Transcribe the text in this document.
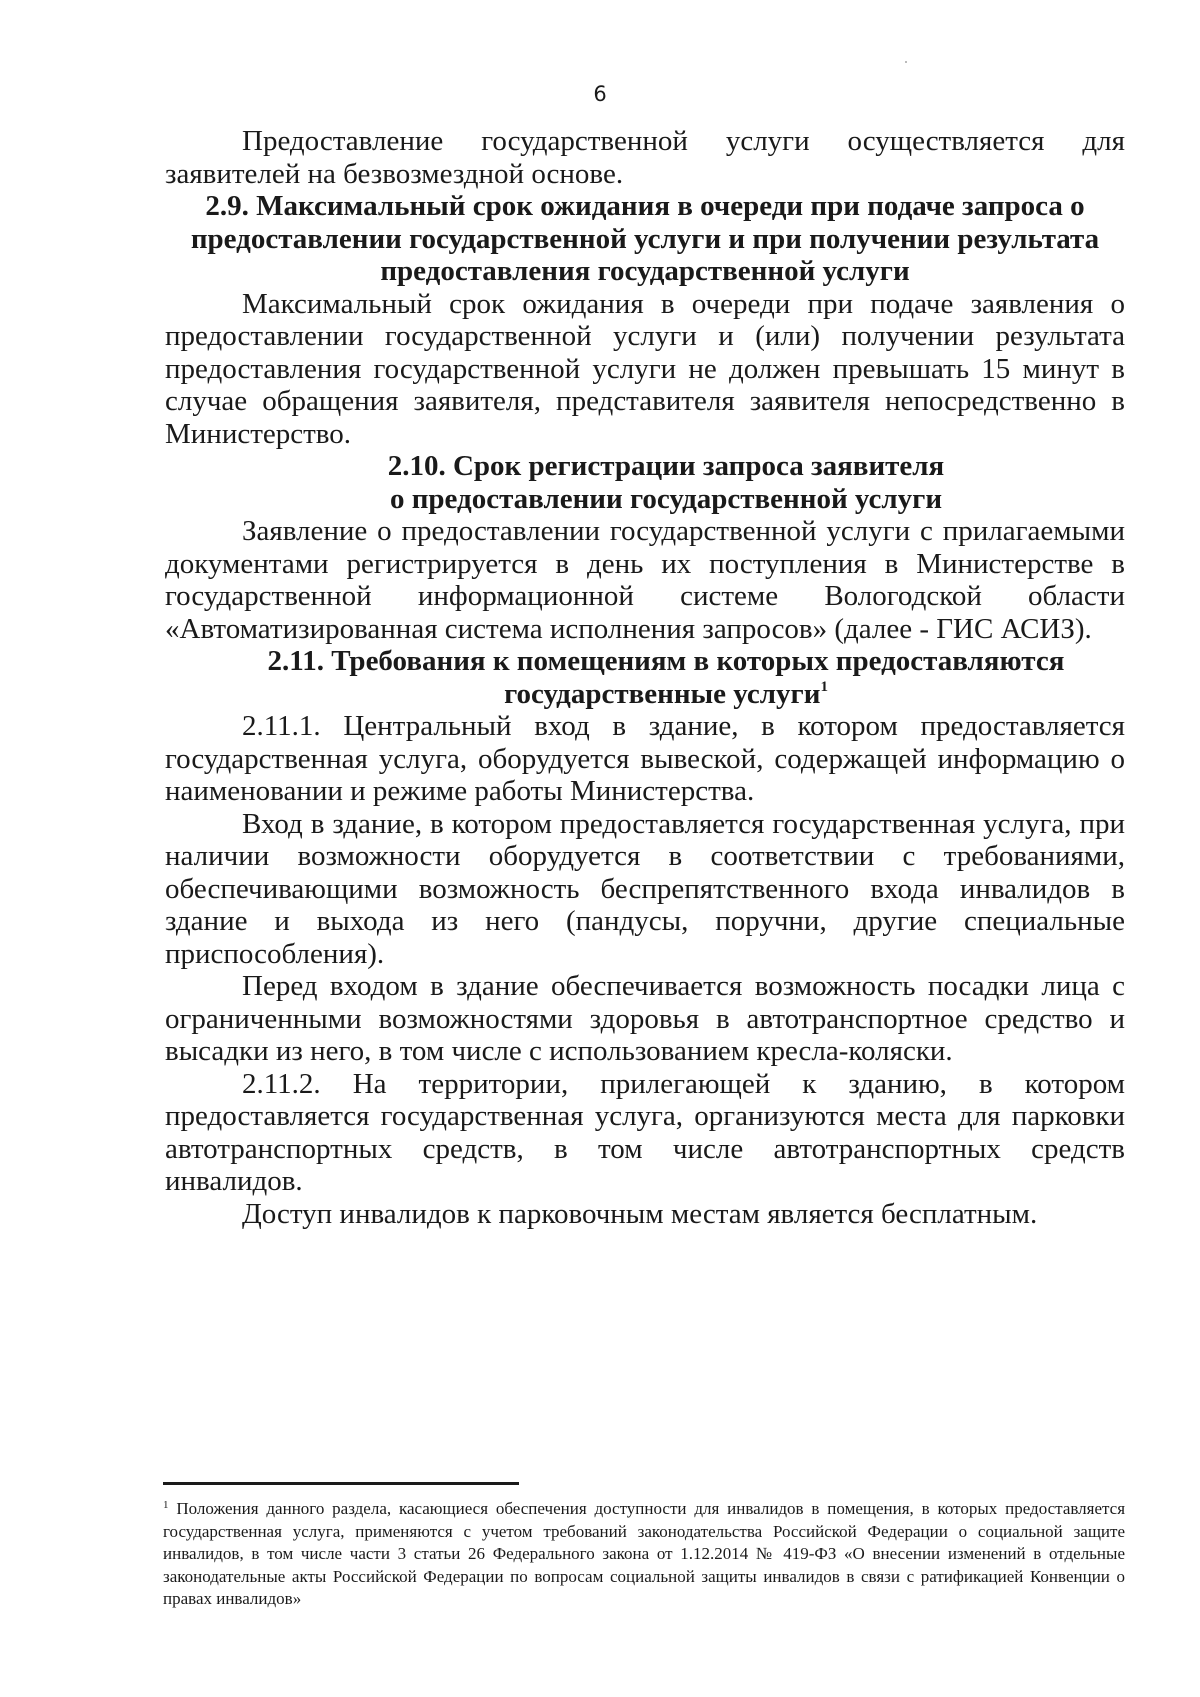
6

Предоставление государственной услуги осуществляется для заявителей на безвозмездной основе.

2.9. Максимальный срок ожидания в очереди при подаче запроса о
предоставлении государственной услуги и при получении результата
предоставления государственной услуги

Максимальный срок ожидания в очереди при подаче заявления о предоставлении государственной услуги и (или) получении результата предоставления государственной услуги не должен превышать 15 минут в случае обращения заявителя, представителя заявителя непосредственно в Министерство.

2.10. Срок регистрации запроса заявителя
о предоставлении государственной услуги

Заявление о предоставлении государственной услуги с прилагаемыми документами регистрируется в день их поступления в Министерстве в государственной информационной системе Вологодской области «Автоматизированная система исполнения запросов» (далее - ГИС АСИЗ).

2.11. Требования к помещениям в которых предоставляются
государственные услуги$^1$

2.11.1. Центральный вход в здание, в котором предоставляется государственная услуга, оборудуется вывеской, содержащей информацию о наименовании и режиме работы Министерства.

Вход в здание, в котором предоставляется государственная услуга, при наличии возможности оборудуется в соответствии с требованиями, обеспечивающими возможность беспрепятственного входа инвалидов в здание и выхода из него (пандусы, поручни, другие специальные приспособления).

Перед входом в здание обеспечивается возможность посадки лица с ограниченными возможностями здоровья в автотранспортное средство и высадки из него, в том числе с использованием кресла-коляски.

2.11.2. На территории, прилегающей к зданию, в котором предоставляется государственная услуга, организуются места для парковки автотранспортных средств, в том числе автотранспортных средств инвалидов.

Доступ инвалидов к парковочным местам является бесплатным.

$^1$ Положения данного раздела, касающиеся обеспечения доступности для инвалидов в помещения, в которых предоставляется государственная услуга, применяются с учетом требований законодательства Российской Федерации о социальной защите инвалидов, в том числе части 3 статьи 26 Федерального закона от 1.12.2014 № 419-ФЗ «О внесении изменений в отдельные законодательные акты Российской Федерации по вопросам социальной защиты инвалидов в связи с ратификацией Конвенции о правах инвалидов»
